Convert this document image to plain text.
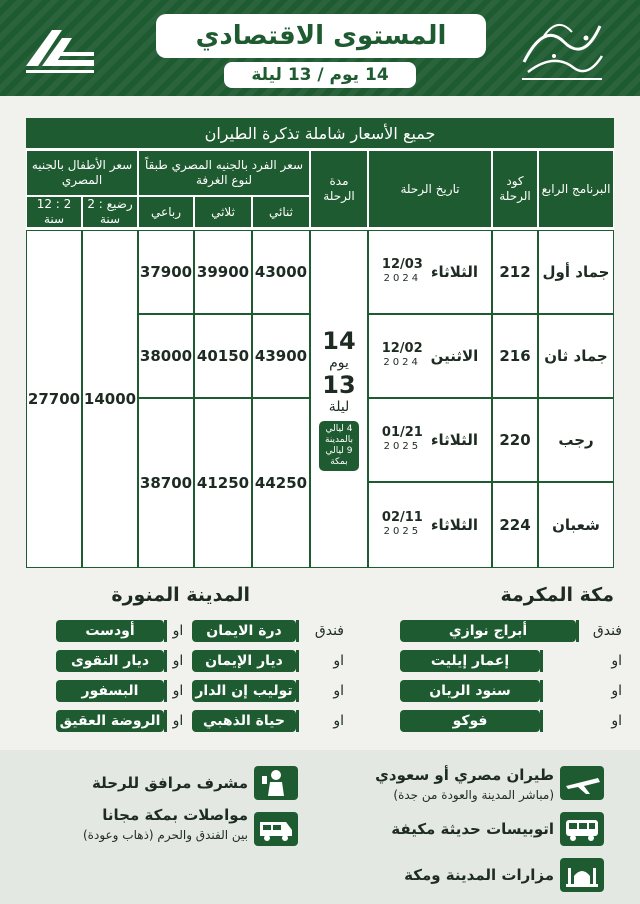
المستوى الاقتصادي
14 يوم / 13 ليلة
جميع الأسعار شاملة تذكرة الطيران
البرنامج الرابع
كود الرحلة
تاريخ الرحلة
مدة الرحلة
سعر الفرد بالجنيه المصري طبقاً لنوع الغرفة
ثنائي
ثلاثي
رباعي
سعر الأطفال بالجنيه المصري
رضيع : 2 سنة
2 : 12 سنة
جماد أول
212
الثلاثاء
12/03
2024
43000
39900
37900
جماد ثان
216
الاثنين
12/02
2024
43900
40150
38000
رجب
220
الثلاثاء
01/21
2025
44250
41250
38700
شعبان
224
الثلاثاء
02/11
2025
14
يوم
13
ليلة
4 ليالي بالمدينة 9 ليالي بمكة
14000
27700
مكة المكرمة
فندق
أبراج نوازي
او
إعمار إيليت
او
سنود الريان
او
فوكو
المدينة المنورة
فندق
درة الايمان
او
أودست
او
ديار الإيمان
او
ديار التقوى
او
توليب إن الدار
او
البسفور
او
حياة الذهبي
او
الروضة العقيق
طيران مصري أو سعودي
(مباشر المدينة والعودة من جدة)
اتوبيسات حديثة مكيفة
مزارات المدينة ومكة
مشرف مرافق للرحلة
مواصلات بمكة مجانا
بين الفندق والحرم (ذهاب وعودة)
